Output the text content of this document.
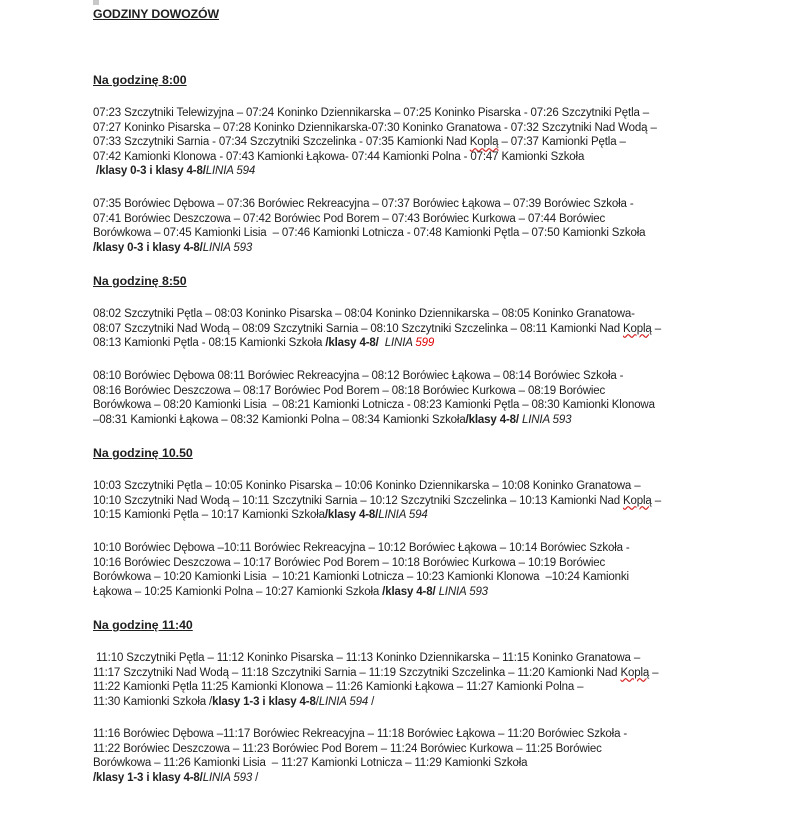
GODZINY DOWOZÓW
Na godzinę 8:00
07:23 Szczytniki Telewizyjna – 07:24 Koninko Dziennikarska – 07:25 Koninko Pisarska - 07:26 Szczytniki Pętla –
07:27 Koninko Pisarska – 07:28 Koninko Dziennikarska-07:30 Koninko Granatowa - 07:32 Szczytniki Nad Wodą –
07:33 Szczytniki Sarnia - 07:34 Szczytniki Szczelinka - 07:35 Kamionki Nad Koplą – 07:37 Kamionki Pętla –
07:42 Kamionki Klonowa - 07:43 Kamionki Łąkowa- 07:44 Kamionki Polna - 07:47 Kamionki Szkoła
/klasy 0-3 i klasy 4-8/LINIA 594
07:35 Borówiec Dębowa – 07:36 Borówiec Rekreacyjna – 07:37 Borówiec Łąkowa – 07:39 Borówiec Szkoła -
07:41 Borówiec Deszczowa – 07:42 Borówiec Pod Borem – 07:43 Borówiec Kurkowa – 07:44 Borówiec
Borówkowa – 07:45 Kamionki Lisia  – 07:46 Kamionki Lotnicza - 07:48 Kamionki Pętla – 07:50 Kamionki Szkoła
/klasy 0-3 i klasy 4-8/LINIA 593
Na godzinę 8:50
08:02 Szczytniki Pętla – 08:03 Koninko Pisarska – 08:04 Koninko Dziennikarska – 08:05 Koninko Granatowa-
08:07 Szczytniki Nad Wodą – 08:09 Szczytniki Sarnia – 08:10 Szczytniki Szczelinka – 08:11 Kamionki Nad Koplą –
08:13 Kamionki Pętla - 08:15 Kamionki Szkoła /klasy 4-8/ LINIA 599
08:10 Borówiec Dębowa 08:11 Borówiec Rekreacyjna – 08:12 Borówiec Łąkowa – 08:14 Borówiec Szkoła -
08:16 Borówiec Deszczowa – 08:17 Borówiec Pod Borem – 08:18 Borówiec Kurkowa – 08:19 Borówiec
Borówkowa – 08:20 Kamionki Lisia  – 08:21 Kamionki Lotnicza - 08:23 Kamionki Pętla – 08:30 Kamionki Klonowa
–08:31 Kamionki Łąkowa – 08:32 Kamionki Polna – 08:34 Kamionki Szkoła/klasy 4-8/ LINIA 593
Na godzinę 10.50
10:03 Szczytniki Pętla – 10:05 Koninko Pisarska – 10:06 Koninko Dziennikarska – 10:08 Koninko Granatowa –
10:10 Szczytniki Nad Wodą – 10:11 Szczytniki Sarnia – 10:12 Szczytniki Szczelinka – 10:13 Kamionki Nad Koplą –
10:15 Kamionki Pętla – 10:17 Kamionki Szkoła/klasy 4-8/LINIA 594
10:10 Borówiec Dębowa –10:11 Borówiec Rekreacyjna – 10:12 Borówiec Łąkowa – 10:14 Borówiec Szkoła -
10:16 Borówiec Deszczowa – 10:17 Borówiec Pod Borem – 10:18 Borówiec Kurkowa – 10:19 Borówiec
Borówkowa – 10:20 Kamionki Lisia  – 10:21 Kamionki Lotnicza – 10:23 Kamionki Klonowa  –10:24 Kamionki
Łąkowa – 10:25 Kamionki Polna – 10:27 Kamionki Szkoła /klasy 4-8/ LINIA 593
Na godzinę 11:40
11:10 Szczytniki Pętla – 11:12 Koninko Pisarska – 11:13 Koninko Dziennikarska – 11:15 Koninko Granatowa –
11:17 Szczytniki Nad Wodą – 11:18 Szczytniki Sarnia – 11:19 Szczytniki Szczelinka – 11:20 Kamionki Nad Koplą –
11:22 Kamionki Pętla 11:25 Kamionki Klonowa – 11:26 Kamionki Łąkowa – 11:27 Kamionki Polna –
11:30 Kamionki Szkoła /klasy 1-3 i klasy 4-8/LINIA 594 /
11:16 Borówiec Dębowa –11:17 Borówiec Rekreacyjna – 11:18 Borówiec Łąkowa – 11:20 Borówiec Szkoła -
11:22 Borówiec Deszczowa – 11:23 Borówiec Pod Borem – 11:24 Borówiec Kurkowa – 11:25 Borówiec
Borówkowa – 11:26 Kamionki Lisia  – 11:27 Kamionki Lotnicza – 11:29 Kamionki Szkoła
/klasy 1-3 i klasy 4-8/LINIA 593 /
